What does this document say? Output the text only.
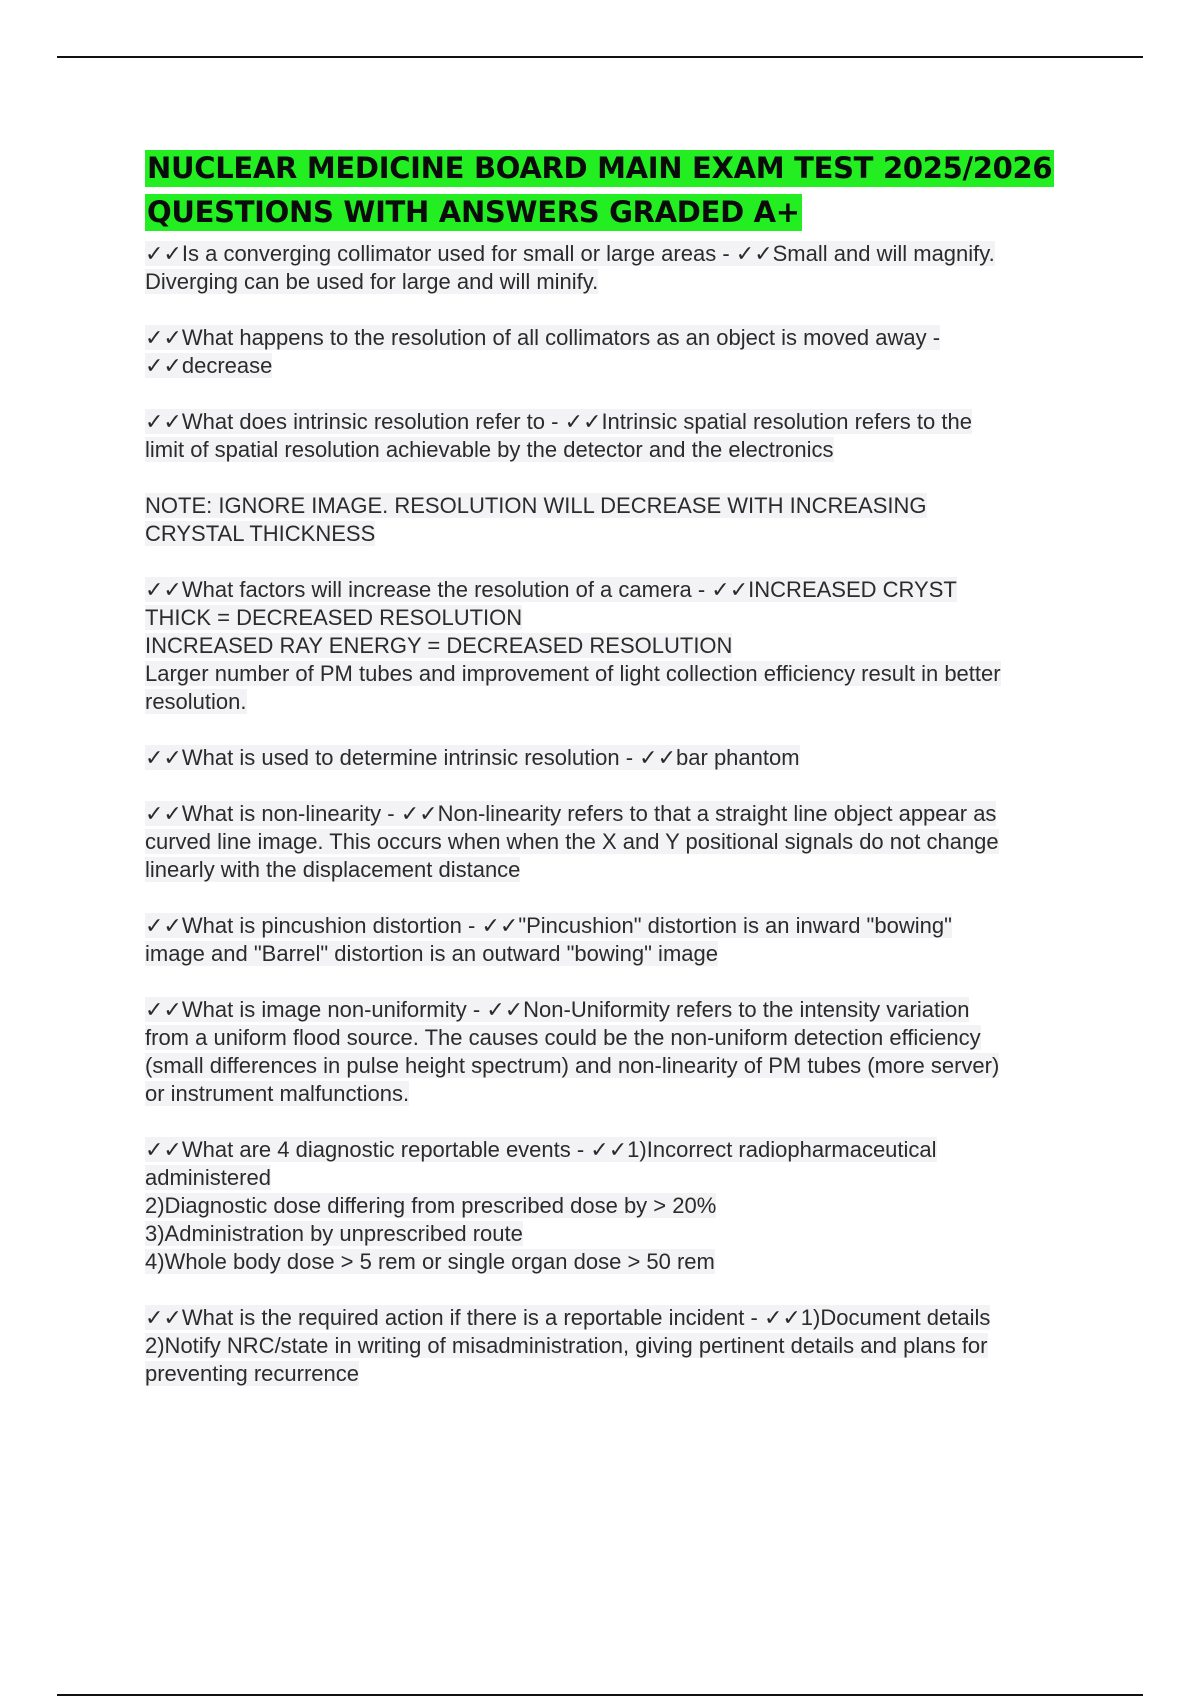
NUCLEAR MEDICINE BOARD MAIN EXAM TEST 2025/2026
QUESTIONS WITH ANSWERS GRADED A+
✓✓Is a converging collimator used for small or large areas - ✓✓Small and will magnify.
Diverging can be used for large and will minify.
✓✓What happens to the resolution of all collimators as an object is moved away -
✓✓decrease
✓✓What does intrinsic resolution refer to - ✓✓Intrinsic spatial resolution refers to the
limit of spatial resolution achievable by the detector and the electronics
NOTE: IGNORE IMAGE. RESOLUTION WILL DECREASE WITH INCREASING
CRYSTAL THICKNESS
✓✓What factors will increase the resolution of a camera - ✓✓INCREASED CRYST
THICK = DECREASED RESOLUTION
INCREASED RAY ENERGY = DECREASED RESOLUTION
Larger number of PM tubes and improvement of light collection efficiency result in better
resolution.
✓✓What is used to determine intrinsic resolution - ✓✓bar phantom
✓✓What is non-linearity - ✓✓Non-linearity refers to that a straight line object appear as
curved line image. This occurs when when the X and Y positional signals do not change
linearly with the displacement distance
✓✓What is pincushion distortion - ✓✓"Pincushion" distortion is an inward "bowing"
image and "Barrel" distortion is an outward "bowing" image
✓✓What is image non-uniformity - ✓✓Non-Uniformity refers to the intensity variation
from a uniform flood source. The causes could be the non-uniform detection efficiency
(small differences in pulse height spectrum) and non-linearity of PM tubes (more server)
or instrument malfunctions.
✓✓What are 4 diagnostic reportable events - ✓✓1)Incorrect radiopharmaceutical
administered
2)Diagnostic dose differing from prescribed dose by > 20%
3)Administration by unprescribed route
4)Whole body dose > 5 rem or single organ dose > 50 rem
✓✓What is the required action if there is a reportable incident - ✓✓1)Document details
2)Notify NRC/state in writing of misadministration, giving pertinent details and plans for
preventing recurrence
